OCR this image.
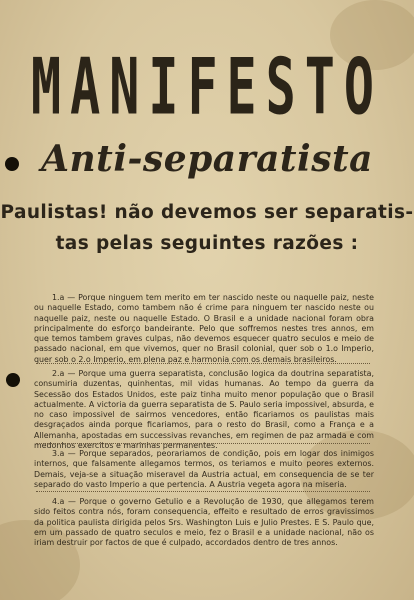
MANIFESTO
Anti-separatista
Paulistas! não devemos ser separatis-
tas pelas seguintes razões :

1.a — Porque ninguem tem merito em ter nascido neste ou naquelle paiz, neste ou naquelle Estado, como tambem não é crime para ninguem ter nascido neste ou naquelle paiz, neste ou naquelle Estado. O Brasil e a unidade nacional foram obra principalmente do esforço bandeirante. Pelo que soffremos nestes tres annos, em que temos tambem graves culpas, não devemos esquecer quatro seculos e meio de passado nacional, em que vivemos, quer no Brasil colonial, quer sob o 1.o Imperio, quer sob o 2.o Imperio, em plena paz e harmonia com os demais brasileiros.

2.a — Porque uma guerra separatista, conclusão logica da doutrina separatista, consumiria duzentas, quinhentas, mil vidas humanas. Ao tempo da guerra da Secessão dos Estados Unidos, este paiz tinha muito menor população que o Brasil actualmente. A victoria da guerra separatista de S. Paulo seria impossivel, absurda, e no caso impossivel de sairmos vencedores, então ficariamos os paulistas mais desgraçados ainda porque ficariamos, para o resto do Brasil, como a França e a Allemanha, apostadas em successivas revanches, em regimen de paz armada e com medonhos exercitos e marinhas permanentes.

3.a — Porque separados, peorariamos de condição, pois em logar dos inimigos internos, que falsamente allegamos termos, os teriamos e muito peores externos. Demais, veja-se a situação miseravel da Austria actual, em consequencia de se ter separado do vasto Imperio a que pertencia. A Austria vegeta agora na miseria.

4.a — Porque o governo Getulio e a Revolução de 1930, que allegamos terem sido feitos contra nós, foram consequencia, effeito e resultado de erros gravissimos da politica paulista dirigida pelos Srs. Washington Luis e Julio Prestes. E S. Paulo que, em um passado de quatro seculos e meio, fez o Brasil e a unidade nacional, não os iriam destruir por factos de que é culpado, accordados dentro de tres annos.
